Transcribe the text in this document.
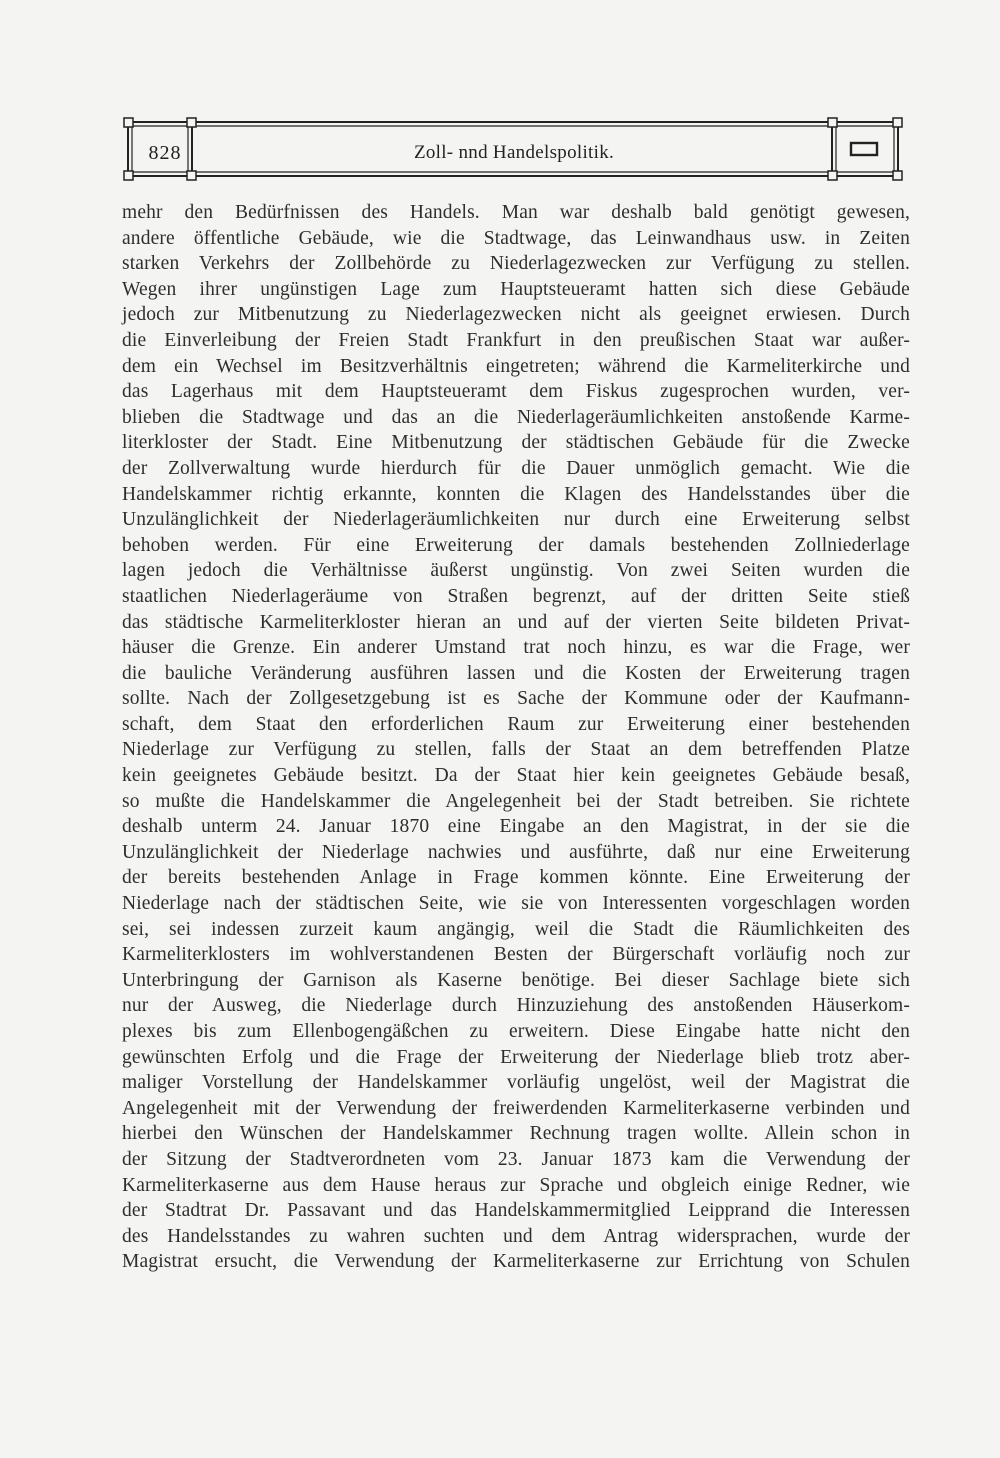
828	Zoll- nnd Handelspolitik.
mehr den Bedürfnissen des Handels. Man war deshalb bald genötigt gewesen,
andere öffentliche Gebäude, wie die Stadtwage, das Leinwandhaus usw. in Zeiten
starken Verkehrs der Zollbehörde zu Niederlagezwecken zur Verfügung zu stellen.
Wegen ihrer ungünstigen Lage zum Hauptsteueramt hatten sich diese Gebäude
jedoch zur Mitbenutzung zu Niederlagezwecken nicht als geeignet erwiesen. Durch
die Einverleibung der Freien Stadt Frankfurt in den preußischen Staat war außer-
dem ein Wechsel im Besitzverhältnis eingetreten; während die Karmeliterkirche und
das Lagerhaus mit dem Hauptsteueramt dem Fiskus zugesprochen wurden, ver-
blieben die Stadtwage und das an die Niederlageräumlichkeiten anstoßende Karme-
literkloster der Stadt. Eine Mitbenutzung der städtischen Gebäude für die Zwecke
der Zollverwaltung wurde hierdurch für die Dauer unmöglich gemacht. Wie die
Handelskammer richtig erkannte, konnten die Klagen des Handelsstandes über die
Unzulänglichkeit der Niederlageräumlichkeiten nur durch eine Erweiterung selbst
behoben werden. Für eine Erweiterung der damals bestehenden Zollniederlage
lagen jedoch die Verhältnisse äußerst ungünstig. Von zwei Seiten wurden die
staatlichen Niederlageräume von Straßen begrenzt, auf der dritten Seite stieß
das städtische Karmeliterkloster hieran an und auf der vierten Seite bildeten Privat-
häuser die Grenze. Ein anderer Umstand trat noch hinzu, es war die Frage, wer
die bauliche Veränderung ausführen lassen und die Kosten der Erweiterung tragen
sollte. Nach der Zollgesetzgebung ist es Sache der Kommune oder der Kaufmann-
schaft, dem Staat den erforderlichen Raum zur Erweiterung einer bestehenden
Niederlage zur Verfügung zu stellen, falls der Staat an dem betreffenden Platze
kein geeignetes Gebäude besitzt. Da der Staat hier kein geeignetes Gebäude besaß,
so mußte die Handelskammer die Angelegenheit bei der Stadt betreiben. Sie richtete
deshalb unterm 24. Januar 1870 eine Eingabe an den Magistrat, in der sie die
Unzulänglichkeit der Niederlage nachwies und ausführte, daß nur eine Erweiterung
der bereits bestehenden Anlage in Frage kommen könnte. Eine Erweiterung der
Niederlage nach der städtischen Seite, wie sie von Interessenten vorgeschlagen worden
sei, sei indessen zurzeit kaum angängig, weil die Stadt die Räumlichkeiten des
Karmeliterklosters im wohlverstandenen Besten der Bürgerschaft vorläufig noch zur
Unterbringung der Garnison als Kaserne benötige. Bei dieser Sachlage biete sich
nur der Ausweg, die Niederlage durch Hinzuziehung des anstoßenden Häuserkom-
plexes bis zum Ellenbogengäßchen zu erweitern. Diese Eingabe hatte nicht den
gewünschten Erfolg und die Frage der Erweiterung der Niederlage blieb trotz aber-
maliger Vorstellung der Handelskammer vorläufig ungelöst, weil der Magistrat die
Angelegenheit mit der Verwendung der freiwerdenden Karmeliterkaserne verbinden und
hierbei den Wünschen der Handelskammer Rechnung tragen wollte. Allein schon in
der Sitzung der Stadtverordneten vom 23. Januar 1873 kam die Verwendung der
Karmeliterkaserne aus dem Hause heraus zur Sprache und obgleich einige Redner, wie
der Stadtrat Dr. Passavant und das Handelskammermitglied Leipprand die Interessen
des Handelsstandes zu wahren suchten und dem Antrag widersprachen, wurde der
Magistrat ersucht, die Verwendung der Karmeliterkaserne zur Errichtung von Schulen
